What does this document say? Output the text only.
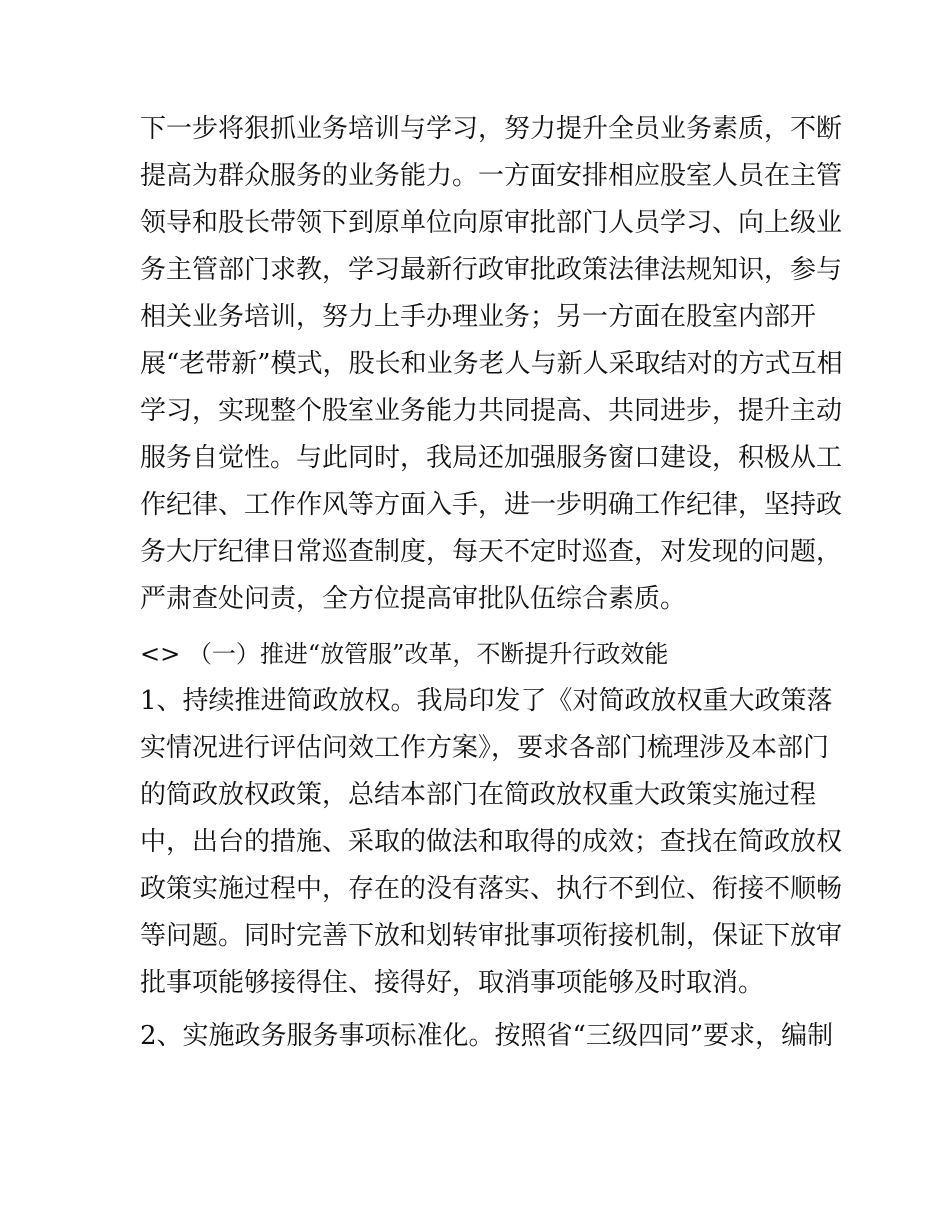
下一步将狠抓业务培训与学习，努力提升全员业务素质，不断
提高为群众服务的业务能力。一方面安排相应股室人员在主管
领导和股长带领下到原单位向原审批部门人员学习、向上级业
务主管部门求教，学习最新行政审批政策法律法规知识，参与
相关业务培训，努力上手办理业务；另一方面在股室内部开
展“老带新”模式，股长和业务老人与新人采取结对的方式互相
学习，实现整个股室业务能力共同提高、共同进步，提升主动
服务自觉性。与此同时，我局还加强服务窗口建设，积极从工
作纪律、工作作风等方面入手，进一步明确工作纪律，坚持政
务大厅纪律日常巡查制度，每天不定时巡查，对发现的问题，
严肃查处问责，全方位提高审批队伍综合素质。
<> （一）推进“放管服”改革，不断提升行政效能
1、持续推进简政放权。我局印发了《对简政放权重大政策落
实情况进行评估问效工作方案》，要求各部门梳理涉及本部门
的简政放权政策，总结本部门在简政放权重大政策实施过程
中，出台的措施、采取的做法和取得的成效；查找在简政放权
政策实施过程中，存在的没有落实、执行不到位、衔接不顺畅
等问题。同时完善下放和划转审批事项衔接机制，保证下放审
批事项能够接得住、接得好，取消事项能够及时取消。
2、实施政务服务事项标准化。按照省“三级四同”要求，编制
